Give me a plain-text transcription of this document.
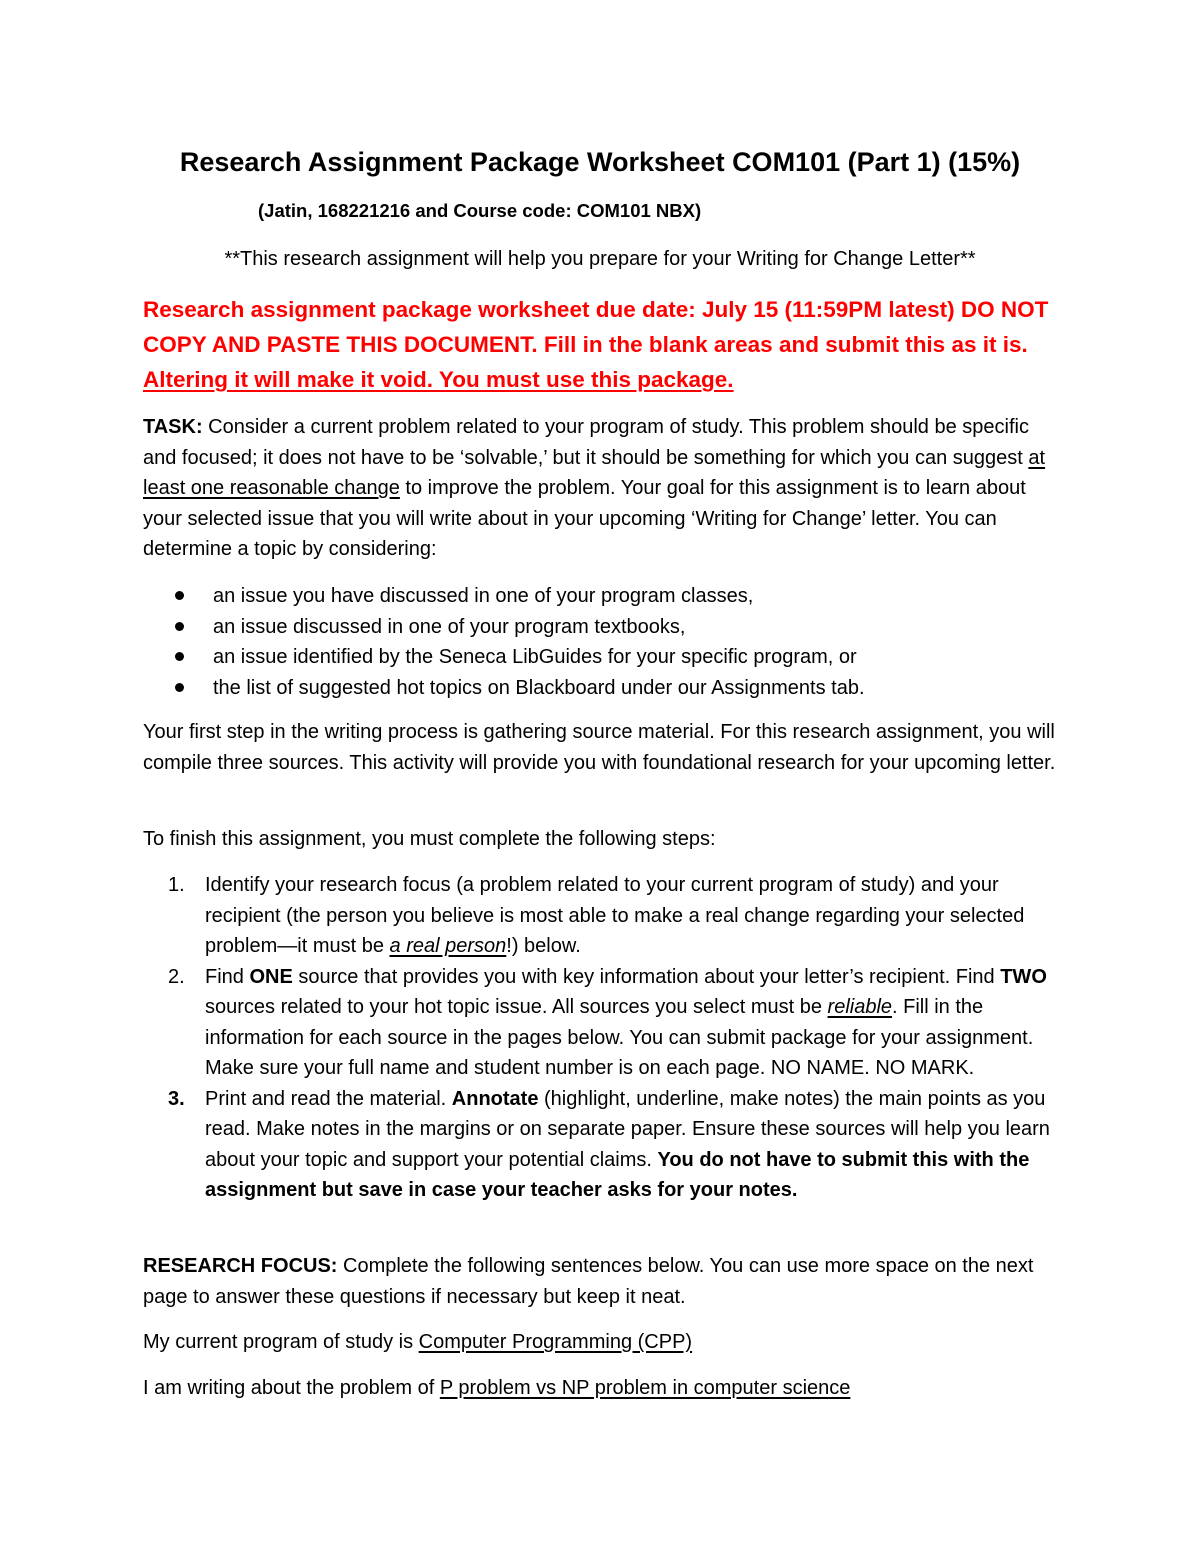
Research Assignment Package Worksheet COM101 (Part 1) (15%)
(Jatin, 168221216 and Course code: COM101 NBX)
**This research assignment will help you prepare for your Writing for Change Letter**
Research assignment package worksheet due date: July 15 (11:59PM latest) DO NOT COPY AND PASTE THIS DOCUMENT. Fill in the blank areas and submit this as it is. Altering it will make it void. You must use this package.
TASK: Consider a current problem related to your program of study. This problem should be specific and focused; it does not have to be ‘solvable,’ but it should be something for which you can suggest at least one reasonable change to improve the problem. Your goal for this assignment is to learn about your selected issue that you will write about in your upcoming ‘Writing for Change’ letter. You can determine a topic by considering:
an issue you have discussed in one of your program classes,
an issue discussed in one of your program textbooks,
an issue identified by the Seneca LibGuides for your specific program, or
the list of suggested hot topics on Blackboard under our Assignments tab.
Your first step in the writing process is gathering source material. For this research assignment, you will compile three sources. This activity will provide you with foundational research for your upcoming letter.
To finish this assignment, you must complete the following steps:
1. Identify your research focus (a problem related to your current program of study) and your recipient (the person you believe is most able to make a real change regarding your selected problem—it must be a real person!) below.
2. Find ONE source that provides you with key information about your letter’s recipient. Find TWO sources related to your hot topic issue. All sources you select must be reliable. Fill in the information for each source in the pages below. You can submit package for your assignment. Make sure your full name and student number is on each page. NO NAME. NO MARK.
3. Print and read the material. Annotate (highlight, underline, make notes) the main points as you read. Make notes in the margins or on separate paper. Ensure these sources will help you learn about your topic and support your potential claims. You do not have to submit this with the assignment but save in case your teacher asks for your notes.
RESEARCH FOCUS: Complete the following sentences below. You can use more space on the next page to answer these questions if necessary but keep it neat.
My current program of study is Computer Programming (CPP)
I am writing about the problem of P problem vs NP problem in computer science
